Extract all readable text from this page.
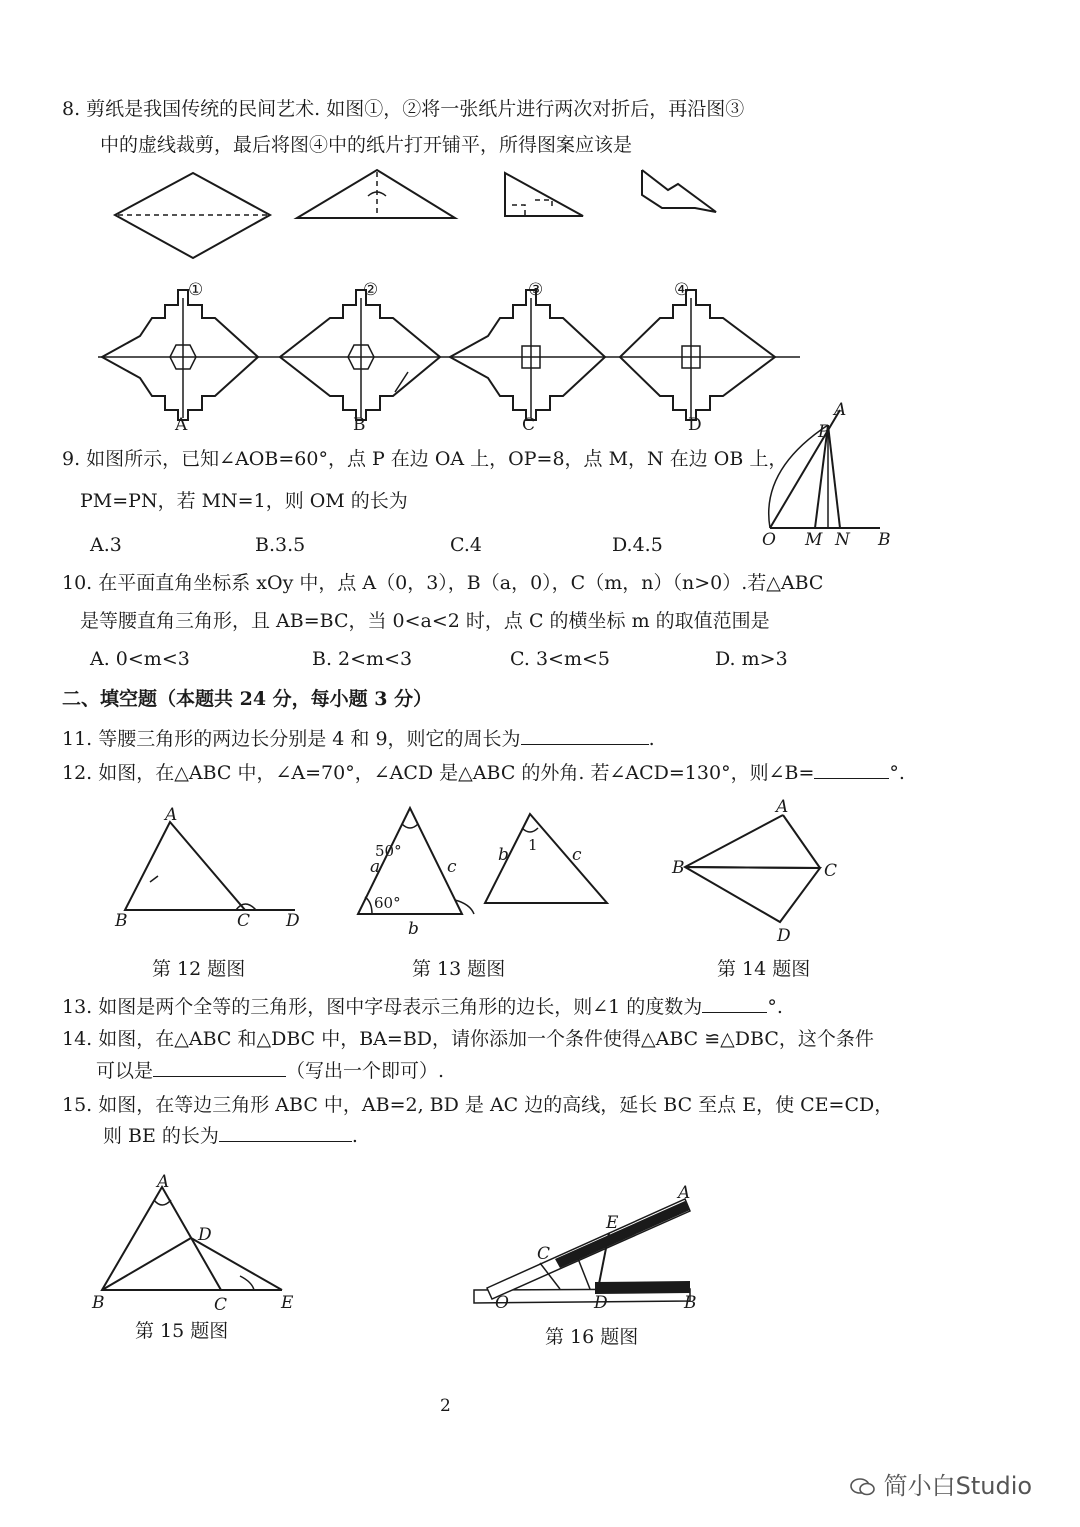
8. 剪纸是我国传统的民间艺术. 如图①，②将一张纸片进行两次对折后，再沿图③
中的虚线裁剪，最后将图④中的纸片打开铺平，所得图案应该是
①	②	③	④
A	B	C	D
9. 如图所示，已知∠AOB=60°，点 P 在边 OA 上，OP=8，点 M，N 在边 OB 上，
PM=PN，若 MN=1，则 OM 的长为
A.3	B.3.5	C.4	D.4.5
A
P
O M N B
10. 在平面直角坐标系 xOy 中，点 A（0，3），B（a，0），C（m，n）（n>0）.若△ABC
是等腰直角三角形，且 AB=BC，当 0<a<2 时，点 C 的横坐标 m 的取值范围是
A. 0<m<3	B. 2<m<3	C. 3<m<5	D. m>3
二、填空题（本题共 24 分，每小题 3 分）
11. 等腰三角形的两边长分别是 4 和 9，则它的周长为	.
12. 如图，在△ABC 中，∠A=70°，∠ACD 是△ABC 的外角. 若∠ACD=130°，则∠B=	°.
A
B	C D
a
50°
c
60°
b
b 1 c
A
B	C
D
第 12 题图	第 13 题图	第 14 题图
13. 如图是两个全等的三角形，图中字母表示三角形的边长，则∠1 的度数为	°.
14. 如图，在△ABC 和△DBC 中，BA=BD，请你添加一个条件使得△ABC ≌△DBC，这个条件
可以是	（写出一个即可）.
15. 如图，在等边三角形 ABC 中，AB=2, BD 是 AC 边的高线，延长 BC 至点 E，使 CE=CD，
则 BE 的长为	.
A
B	C
D
E
A
E
C
O	D	B
第 15 题图	第 16 题图
2
简小白Studio
